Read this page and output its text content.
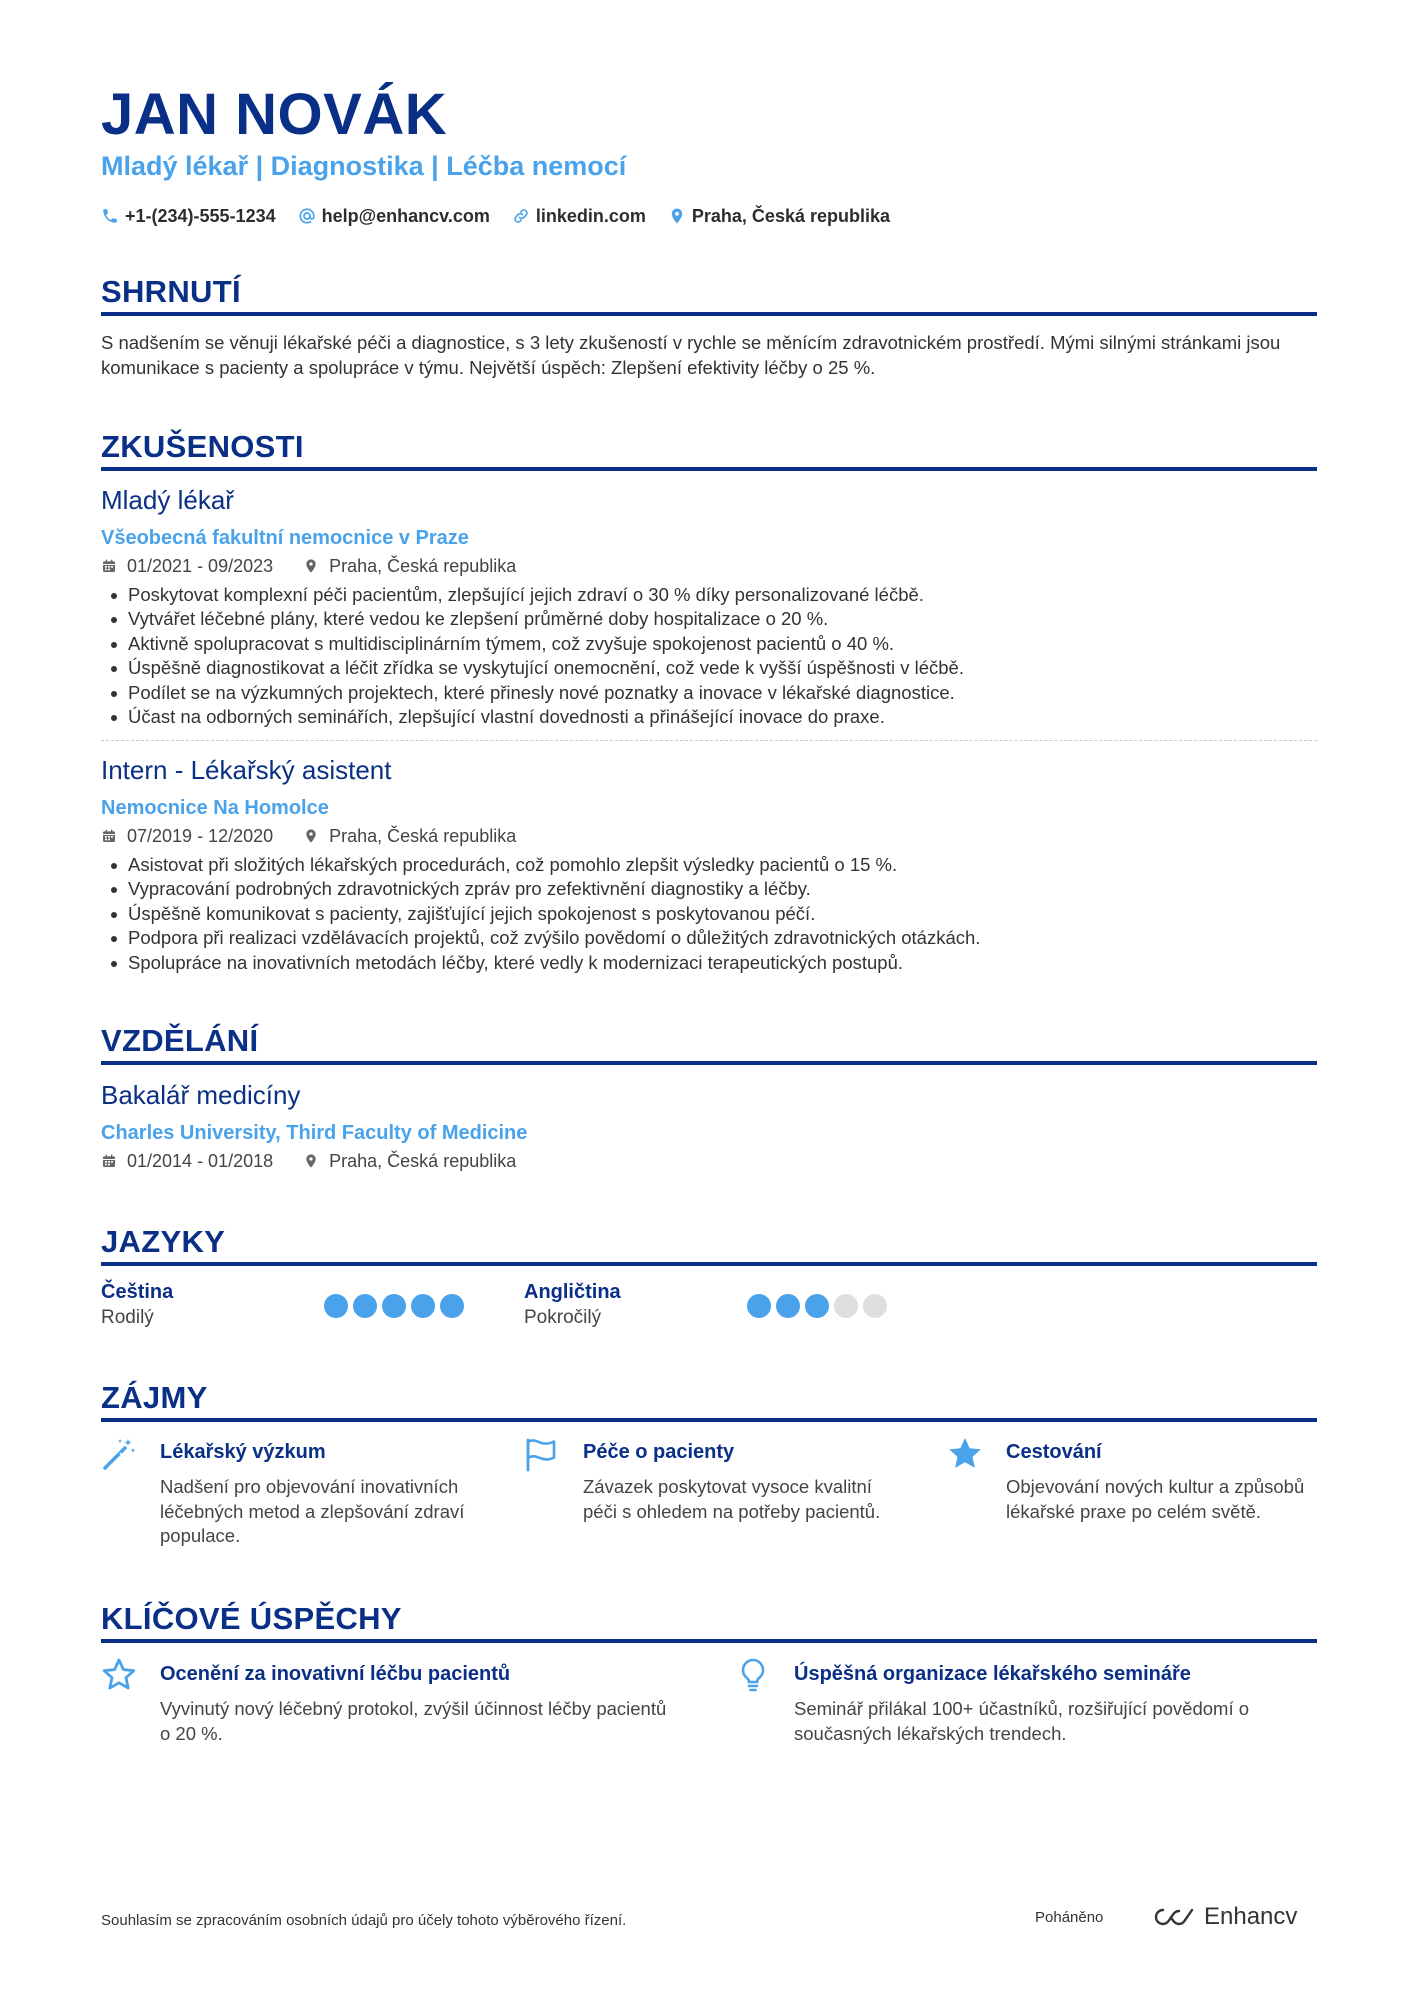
JAN NOVÁK
Mladý lékař | Diagnostika | Léčba nemocí
+1-(234)-555-1234	help@enhancv.com	linkedin.com	Praha, Česká republika
SHRNUTÍ

S nadšením se věnuji lékařské péči a diagnostice, s 3 lety zkušeností v rychle se měnícím zdravotnickém prostředí. Mými silnými stránkami jsou komunikace s pacienty a spolupráce v týmu. Největší úspěch: Zlepšení efektivity léčby o 25 %.

ZKUŠENOSTI
Mladý lékař
Všeobecná fakultní nemocnice v Praze
01/2021 - 09/2023	Praha, Česká republika
Poskytovat komplexní péči pacientům, zlepšující jejich zdraví o 30 % díky personalizované léčbě.
Vytvářet léčebné plány, které vedou ke zlepšení průměrné doby hospitalizace o 20 %.
Aktivně spolupracovat s multidisciplinárním týmem, což zvyšuje spokojenost pacientů o 40 %.
Úspěšně diagnostikovat a léčit zřídka se vyskytující onemocnění, což vede k vyšší úspěšnosti v léčbě.
Podílet se na výzkumných projektech, které přinesly nové poznatky a inovace v lékařské diagnostice.
Účast na odborných seminářích, zlepšující vlastní dovednosti a přinášející inovace do praxe.
Intern - Lékařský asistent
Nemocnice Na Homolce
07/2019 - 12/2020	Praha, Česká republika
Asistovat při složitých lékařských procedurách, což pomohlo zlepšit výsledky pacientů o 15 %.
Vypracování podrobných zdravotnických zpráv pro zefektivnění diagnostiky a léčby.
Úspěšně komunikovat s pacienty, zajišťující jejich spokojenost s poskytovanou péčí.
Podpora při realizaci vzdělávacích projektů, což zvýšilo povědomí o důležitých zdravotnických otázkách.
Spolupráce na inovativních metodách léčby, které vedly k modernizaci terapeutických postupů.
VZDĚLÁNÍ
Bakalář medicíny
Charles University, Third Faculty of Medicine
01/2014 - 01/2018	Praha, Česká republika
JAZYKY
Čeština
Rodilý
Angličtina
Pokročilý
ZÁJMY
Lékařský výzkum
Nadšení pro objevování inovativních léčebných metod a zlepšování zdraví populace.
Péče o pacienty
Závazek poskytovat vysoce kvalitní péči s ohledem na potřeby pacientů.
Cestování
Objevování nových kultur a způsobů lékařské praxe po celém světě.
KLÍČOVÉ ÚSPĚCHY
Ocenění za inovativní léčbu pacientů
Vyvinutý nový léčebný protokol, zvýšil účinnost léčby pacientů o 20 %.
Úspěšná organizace lékařského semináře
Seminář přilákal 100+ účastníků, rozšiřující povědomí o současných lékařských trendech.
Souhlasím se zpracováním osobních údajů pro účely tohoto výběrového řízení.	Poháněno	Enhancv
